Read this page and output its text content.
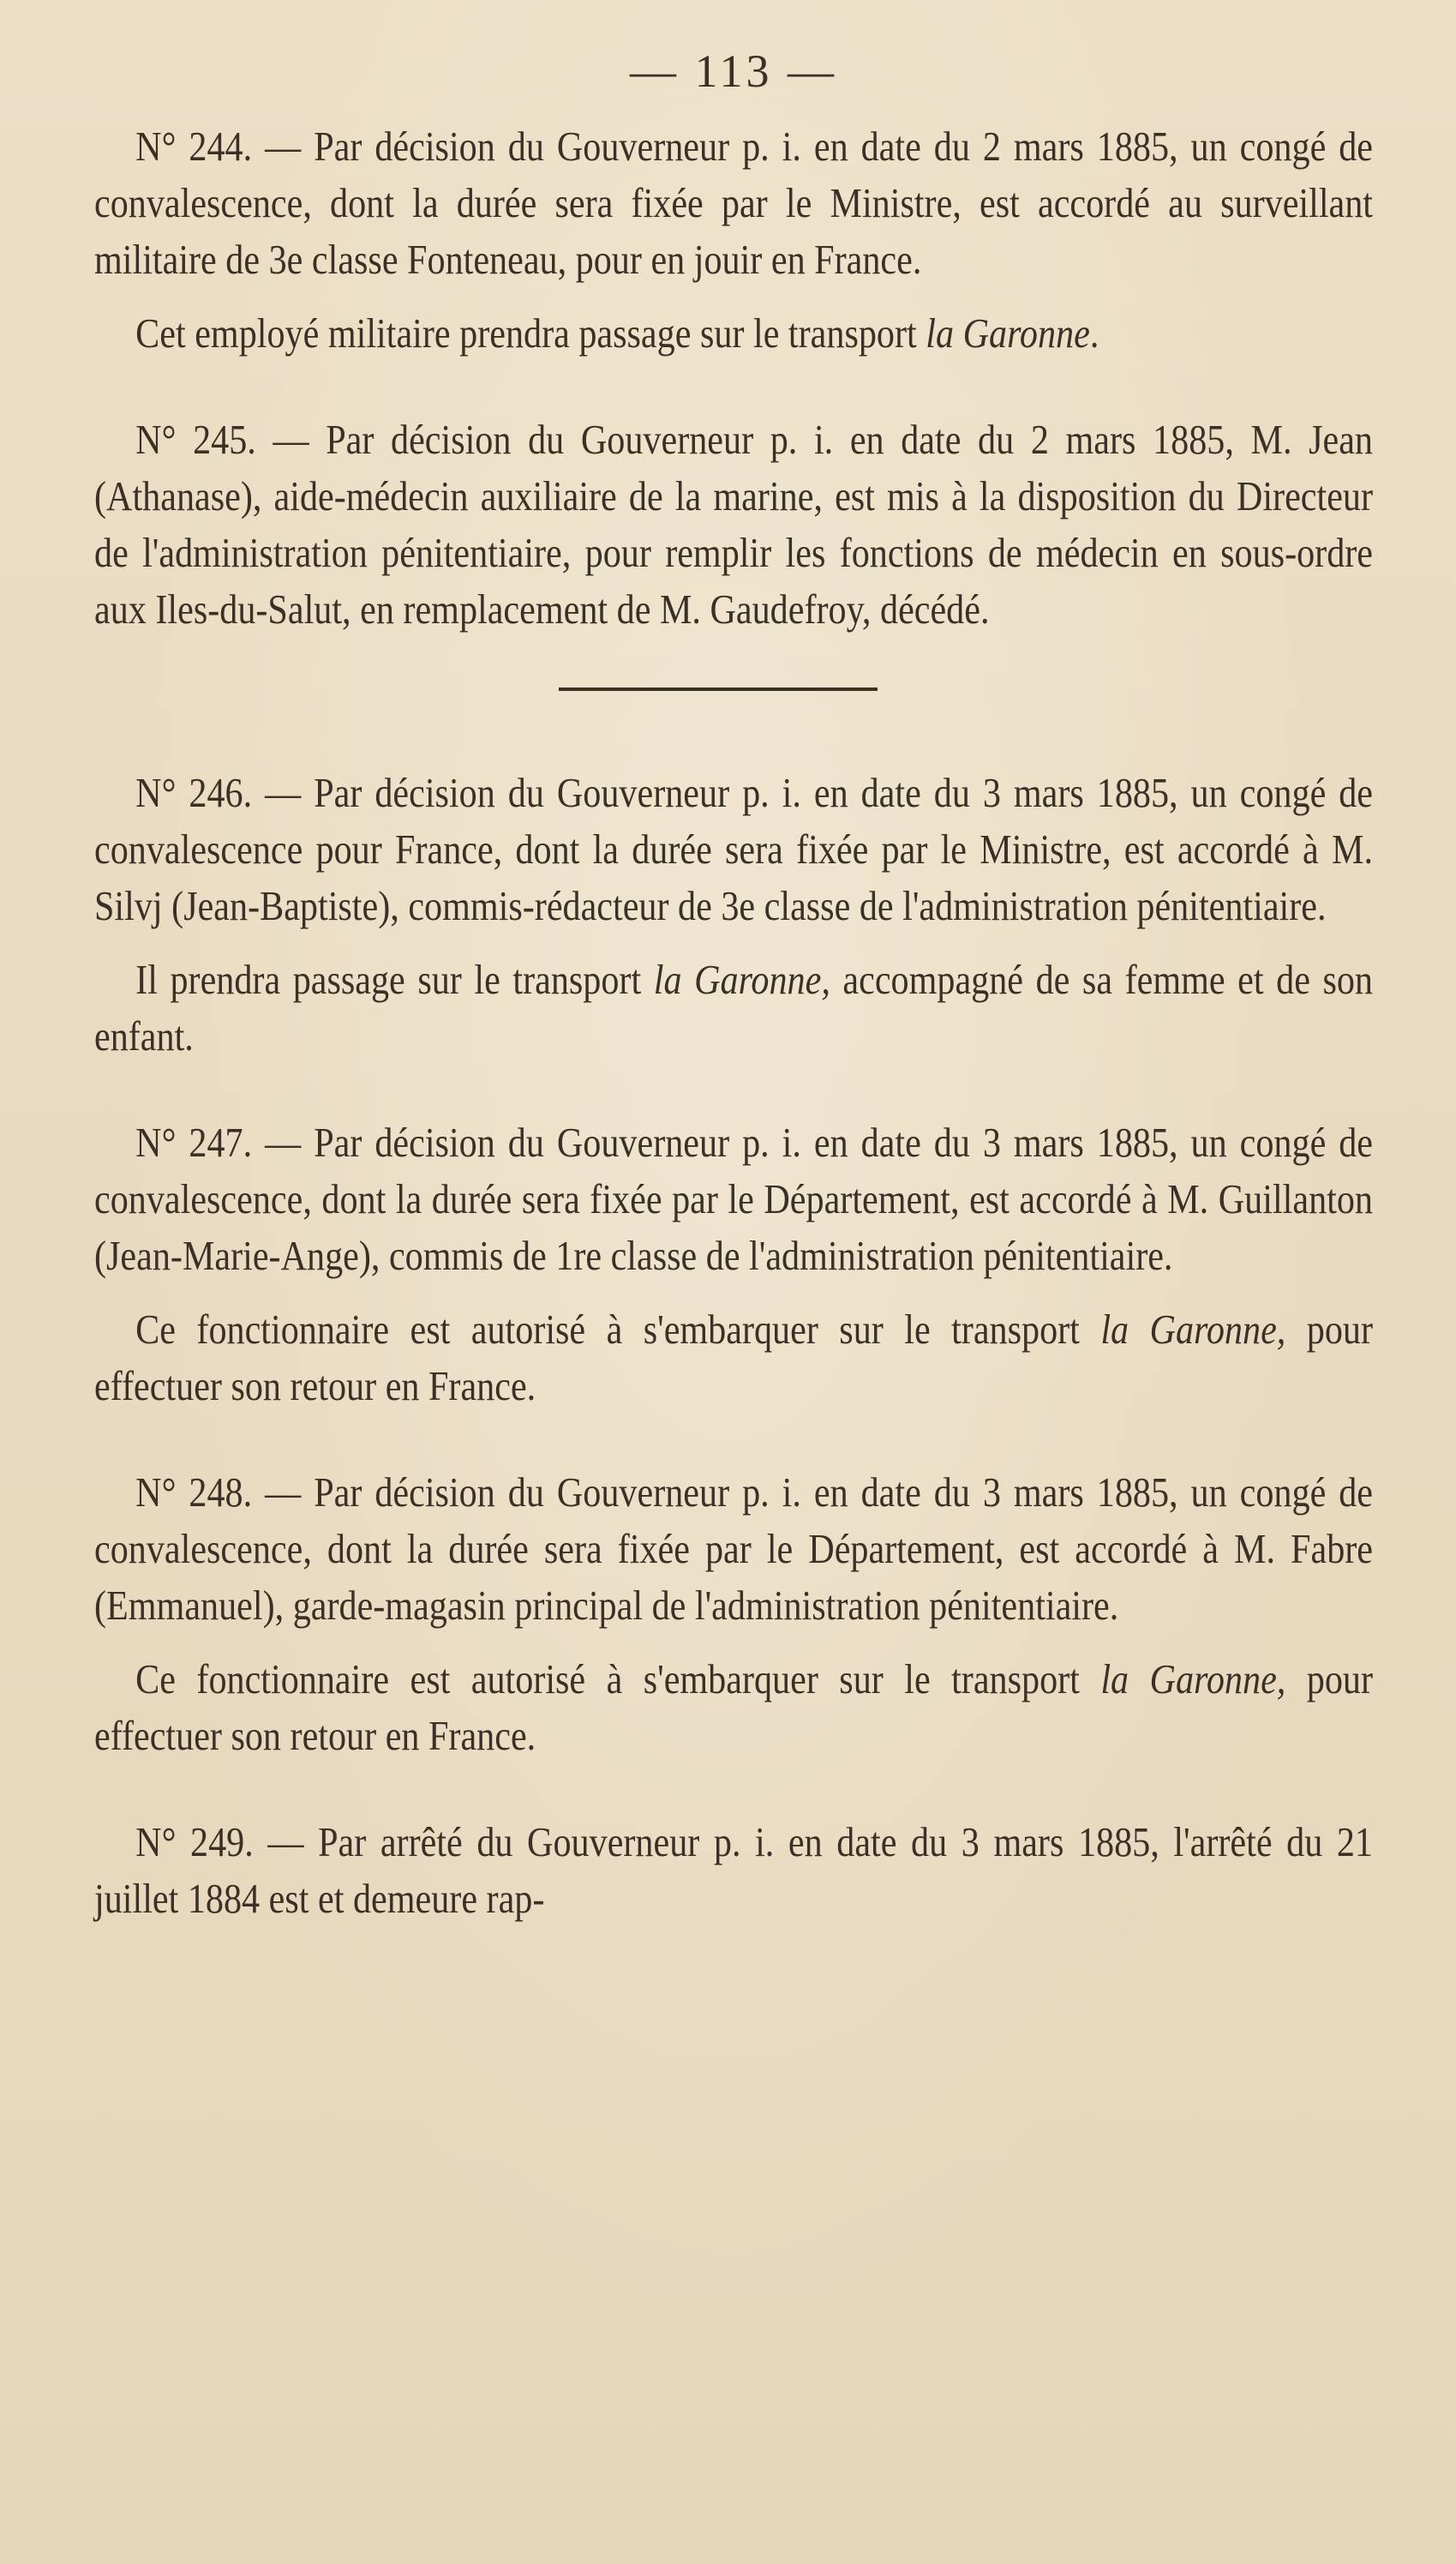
— 113 —

N° 244. — Par décision du Gouverneur p. i. en date du 2 mars 1885, un congé de convalescence, dont la durée sera fixée par le Ministre, est accordé au surveillant militaire de 3e classe Fonteneau, pour en jouir en France.

Cet employé militaire prendra passage sur le transport la Garonne.

N° 245. — Par décision du Gouverneur p. i. en date du 2 mars 1885, M. Jean (Athanase), aide-médecin auxiliaire de la marine, est mis à la disposition du Directeur de l'administration pénitentiaire, pour remplir les fonctions de médecin en sous-ordre aux Iles-du-Salut, en remplacement de M. Gaudefroy, décédé.

N° 246. — Par décision du Gouverneur p. i. en date du 3 mars 1885, un congé de convalescence pour France, dont la durée sera fixée par le Ministre, est accordé à M. Silvj (Jean-Baptiste), commis-rédacteur de 3e classe de l'administration pénitentiaire.

Il prendra passage sur le transport la Garonne, accompagné de sa femme et de son enfant.

N° 247. — Par décision du Gouverneur p. i. en date du 3 mars 1885, un congé de convalescence, dont la durée sera fixée par le Département, est accordé à M. Guillanton (Jean-Marie-Ange), commis de 1re classe de l'administration pénitentiaire.

Ce fonctionnaire est autorisé à s'embarquer sur le transport la Garonne, pour effectuer son retour en France.

N° 248. — Par décision du Gouverneur p. i. en date du 3 mars 1885, un congé de convalescence, dont la durée sera fixée par le Département, est accordé à M. Fabre (Emmanuel), garde-magasin principal de l'administration pénitentiaire.

Ce fonctionnaire est autorisé à s'embarquer sur le transport la Garonne, pour effectuer son retour en France.

N° 249. — Par arrêté du Gouverneur p. i. en date du 3 mars 1885, l'arrêté du 21 juillet 1884 est et demeure rap-
